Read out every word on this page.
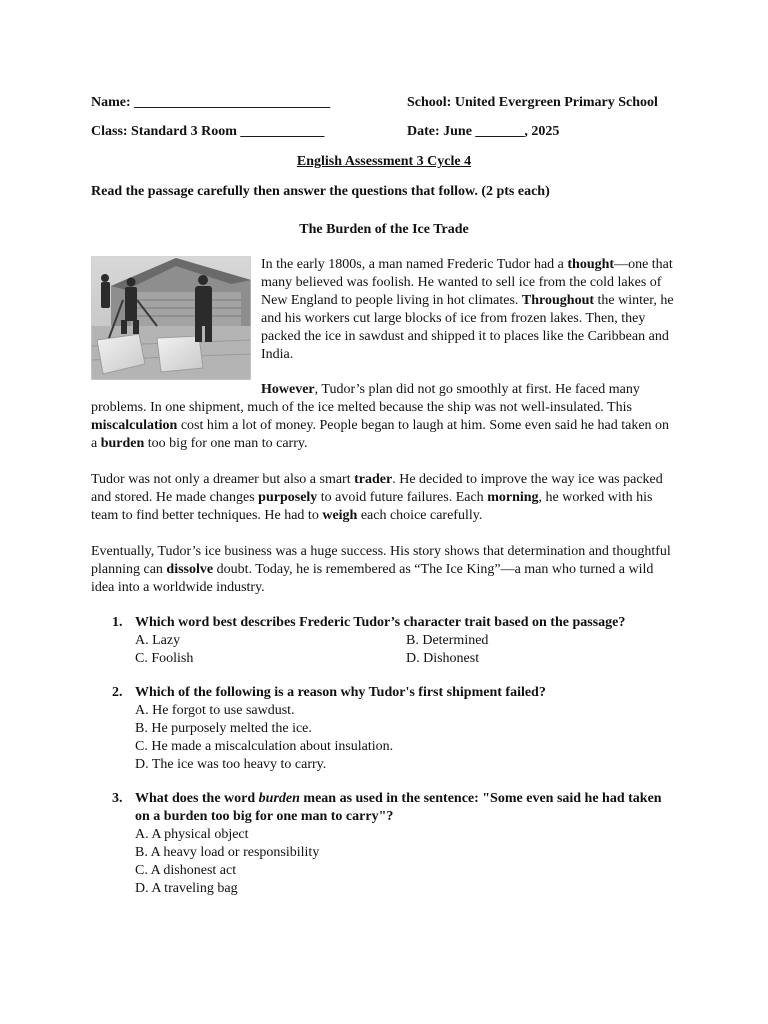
Name: ____________________________	School: United Evergreen Primary School
Class: Standard 3 Room ____________	Date: June _______, 2025
English Assessment 3 Cycle 4
Read the passage carefully then answer the questions that follow. (2 pts each)
The Burden of the Ice Trade
In the early 1800s, a man named Frederic Tudor had a thought—one that many believed was foolish. He wanted to sell ice from the cold lakes of New England to people living in hot climates. Throughout the winter, he and his workers cut large blocks of ice from frozen lakes. Then, they packed the ice in sawdust and shipped it to places like the Caribbean and India.
However, Tudor’s plan did not go smoothly at first. He faced many problems. In one shipment, much of the ice melted because the ship was not well-insulated. This miscalculation cost him a lot of money. People began to laugh at him. Some even said he had taken on a burden too big for one man to carry.
Tudor was not only a dreamer but also a smart trader. He decided to improve the way ice was packed and stored. He made changes purposely to avoid future failures. Each morning, he worked with his team to find better techniques. He had to weigh each choice carefully.
Eventually, Tudor’s ice business was a huge success. His story shows that determination and thoughtful planning can dissolve doubt. Today, he is remembered as “The Ice King”—a man who turned a wild idea into a worldwide industry.
1. Which word best describes Frederic Tudor’s character trait based on the passage?
A. Lazy	B. Determined
C. Foolish	D. Dishonest
2. Which of the following is a reason why Tudor's first shipment failed?
A. He forgot to use sawdust.
B. He purposely melted the ice.
C. He made a miscalculation about insulation.
D. The ice was too heavy to carry.
3. What does the word burden mean as used in the sentence: "Some even said he had taken on a burden too big for one man to carry"?
A. A physical object
B. A heavy load or responsibility
C. A dishonest act
D. A traveling bag
